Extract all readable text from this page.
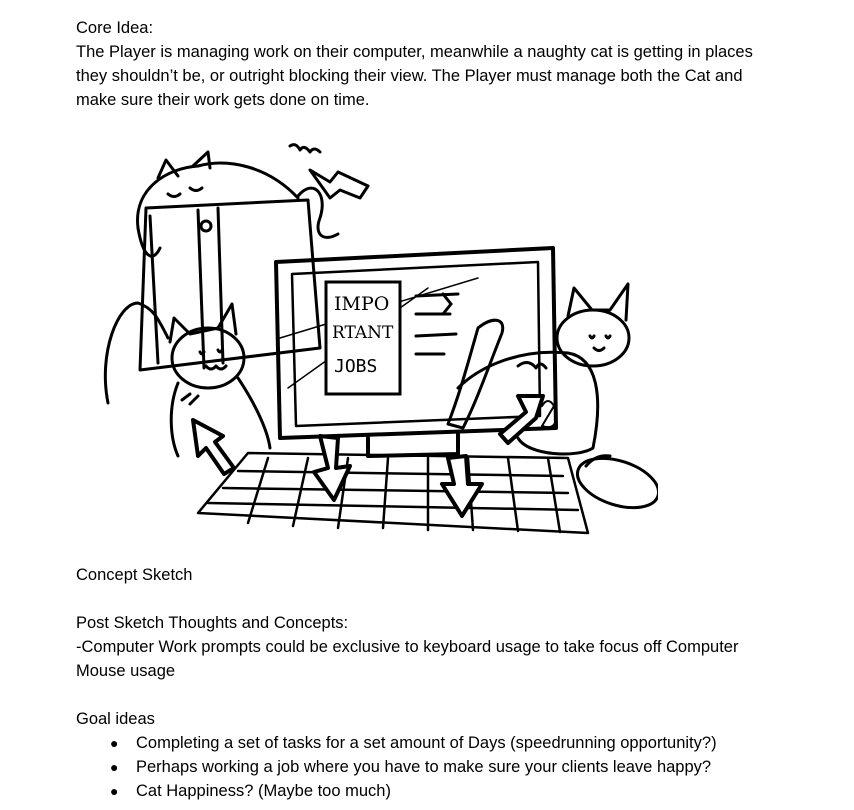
Core Idea:

The Player is managing work on their computer, meanwhile a naughty cat is getting in places
they shouldn’t be, or outright blocking their view. The Player must manage both the Cat and
make sure their work gets done on time.

Concept Sketch

Post Sketch Thoughts and Concepts:

-Computer Work prompts could be exclusive to keyboard usage to take focus off Computer
Mouse usage

Goal ideas

● Completing a set of tasks for a set amount of Days (speedrunning opportunity?)
● Perhaps working a job where you have to make sure your clients leave happy?
● Cat Happiness? (Maybe too much)
IMPO
RTANT
JOBS
